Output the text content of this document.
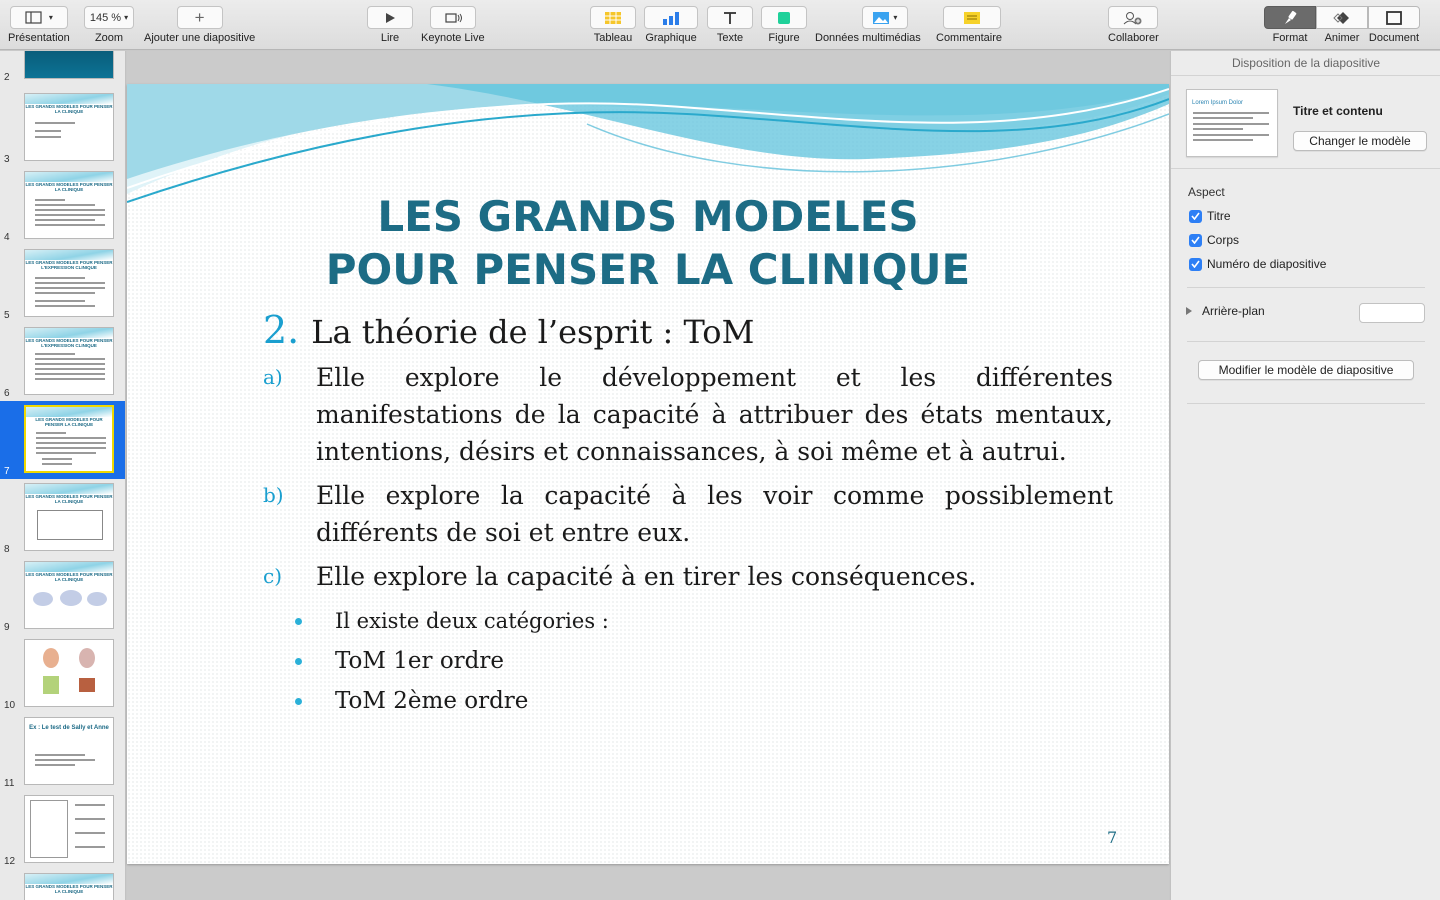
▾
Présentation
145 % ▾
Zoom
+
Ajouter une diapositive	Lire Keynote Live	Tableau Graphique Texte Figure
▾
Données multimédias Commentaire	Collaborer	Format Animer Document
2
LES GRANDS MODELES POUR PENSER LA CLINIQUE
3
LES GRANDS MODELES POUR PENSER LA CLINIQUE
4
LES GRANDS MODELES POUR PENSER L'EXPRESSION CLINIQUE
5
LES GRANDS MODELES POUR PENSER L'EXPRESSION CLINIQUE
6
LES GRANDS MODELES POUR PENSER LA CLINIQUE
7
LES GRANDS MODELES POUR PENSER LA CLINIQUE
8
LES GRANDS MODELES POUR PENSER LA CLINIQUE
9
10
Ex : Le test de Sally et Anne
11
12
LES GRANDS MODELES POUR PENSER LA CLINIQUE
LES GRANDS MODELES
POUR PENSER LA CLINIQUE
2. La théorie de l’esprit : ToM
a)	Elle explore le développement et les différentes manifestations de la capacité à attribuer des états mentaux, intentions, désirs et connaissances, à soi même et à autrui.
b)	Elle explore la capacité à les voir comme possiblement différents de soi et entre eux.
c)	Elle explore la capacité à en tirer les conséquences.
Il existe deux catégories :
ToM 1er ordre
ToM 2ème ordre
7
Disposition de la diapositive
Lorem Ipsum Dolor
Titre et contenu
Changer le modèle
Aspect
Titre
Corps
Numéro de diapositive
Arrière-plan
Modifier le modèle de diapositive
